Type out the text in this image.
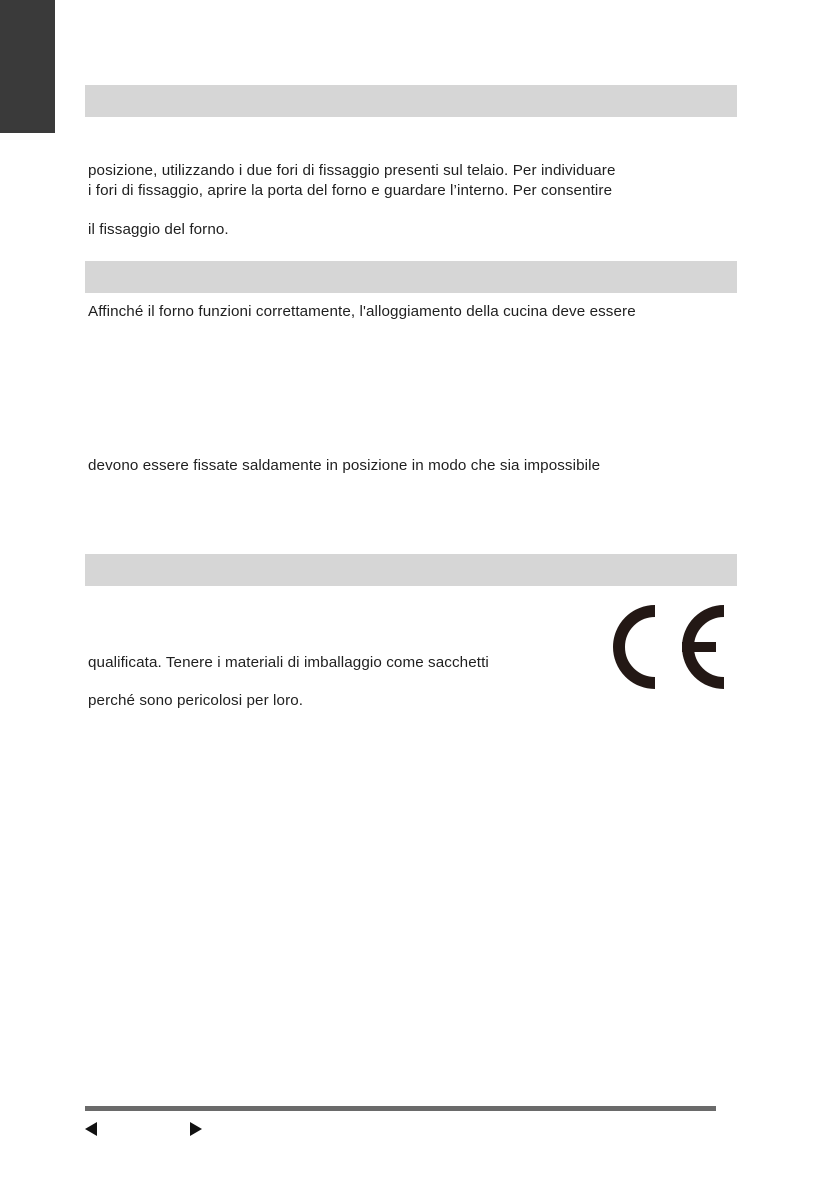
posizione, utilizzando i due fori di fissaggio presenti sul telaio. Per individuare
i fori di fissaggio, aprire la porta del forno e guardare l’interno. Per consentire
il fissaggio del forno.
Affinché il forno funzioni correttamente, l'alloggiamento della cucina deve essere
devono essere fissate saldamente in posizione in modo che sia impossibile
qualificata. Tenere i materiali di imballaggio come sacchetti
perché sono pericolosi per loro.
